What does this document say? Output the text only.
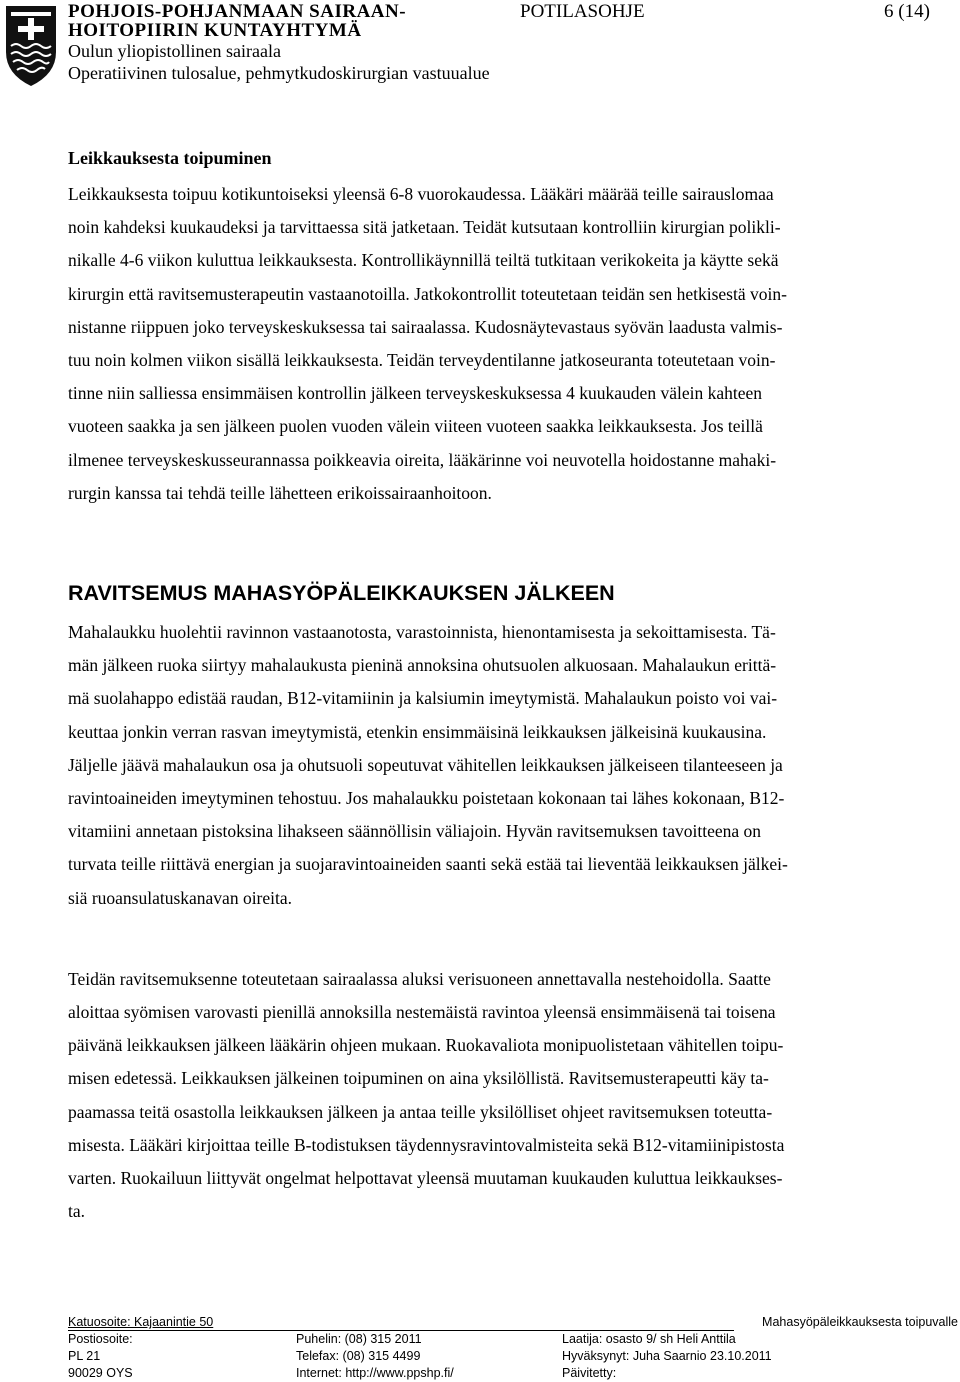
POHJOIS-POHJANMAAN SAIRAAN-
HOITOPIIRIN KUNTAYHTYMÄ
POTILASOHJE	6 (14)
Oulun yliopistollinen sairaala
Operatiivinen tulosalue, pehmytkudoskirurgian vastuualue
Leikkauksesta toipuminen
Leikkauksesta toipuu kotikuntoiseksi yleensä 6-8 vuorokaudessa. Lääkäri määrää teille sairauslomaa
noin kahdeksi kuukaudeksi ja tarvittaessa sitä jatketaan. Teidät kutsutaan kontrolliin kirurgian polikli-
nikalle 4-6 viikon kuluttua leikkauksesta. Kontrollikäynnillä teiltä tutkitaan verikokeita ja käytte sekä
kirurgin että ravitsemusterapeutin vastaanotoilla. Jatkokontrollit toteutetaan teidän sen hetkisestä voin-
nistanne riippuen joko terveyskeskuksessa tai sairaalassa. Kudosnäytevastaus syövän laadusta valmis-
tuu noin kolmen viikon sisällä leikkauksesta. Teidän terveydentilanne jatkoseuranta toteutetaan voin-
tinne niin salliessa ensimmäisen kontrollin jälkeen terveyskeskuksessa 4 kuukauden välein kahteen
vuoteen saakka ja sen jälkeen puolen vuoden välein viiteen vuoteen saakka leikkauksesta. Jos teillä
ilmenee terveyskeskusseurannassa poikkeavia oireita, lääkärinne voi neuvotella hoidostanne mahaki-
rurgin kanssa tai tehdä teille lähetteen erikoissairaanhoitoon.
RAVITSEMUS MAHASYÖPÄLEIKKAUKSEN JÄLKEEN
Mahalaukku huolehtii ravinnon vastaanotosta, varastoinnista, hienontamisesta ja sekoittamisesta. Tä-
män jälkeen ruoka siirtyy mahalaukusta pieninä annoksina ohutsuolen alkuosaan. Mahalaukun erittä-
mä suolahappo edistää raudan, B12-vitamiinin ja kalsiumin imeytymistä. Mahalaukun poisto voi vai-
keuttaa jonkin verran rasvan imeytymistä, etenkin ensimmäisinä leikkauksen jälkeisinä kuukausina.
Jäljelle jäävä mahalaukun osa ja ohutsuoli sopeutuvat vähitellen leikkauksen jälkeiseen tilanteeseen ja
ravintoaineiden imeytyminen tehostuu. Jos mahalaukku poistetaan kokonaan tai lähes kokonaan, B12-
vitamiini annetaan pistoksina lihakseen säännöllisin väliajoin. Hyvän ravitsemuksen tavoitteena on
turvata teille riittävä energian ja suojaravintoaineiden saanti sekä estää tai lieventää leikkauksen jälkei-
siä ruoansulatuskanavan oireita.
Teidän ravitsemuksenne toteutetaan sairaalassa aluksi verisuoneen annettavalla nestehoidolla. Saatte
aloittaa syömisen varovasti pienillä annoksilla nestemäistä ravintoa yleensä ensimmäisenä tai toisena
päivänä leikkauksen jälkeen lääkärin ohjeen mukaan. Ruokavaliota monipuolistetaan vähitellen toipu-
misen edetessä. Leikkauksen jälkeinen toipuminen on aina yksilöllistä. Ravitsemusterapeutti käy ta-
paamassa teitä osastolla leikkauksen jälkeen ja antaa teille yksilölliset ohjeet ravitsemuksen toteutta-
misesta. Lääkäri kirjoittaa teille B-todistuksen täydennysravintovalmisteita sekä B12-vitamiinipistosta
varten. Ruokailuun liittyvät ongelmat helpottavat yleensä muutaman kuukauden kuluttua leikkaukses-
ta.
Katuosoite: Kajaanintie 50
Postiosoite:
PL 21
90029 OYS

Puhelin: (08) 315 2011
Telefax: (08) 315 4499
Internet: http://www.ppshp.fi/

Laatija: osasto 9/ sh Heli Anttila
Hyväksynyt: Juha Saarnio 23.10.2011
Päivitetty:
Mahasyöpäleikkauksesta toipuvalle
